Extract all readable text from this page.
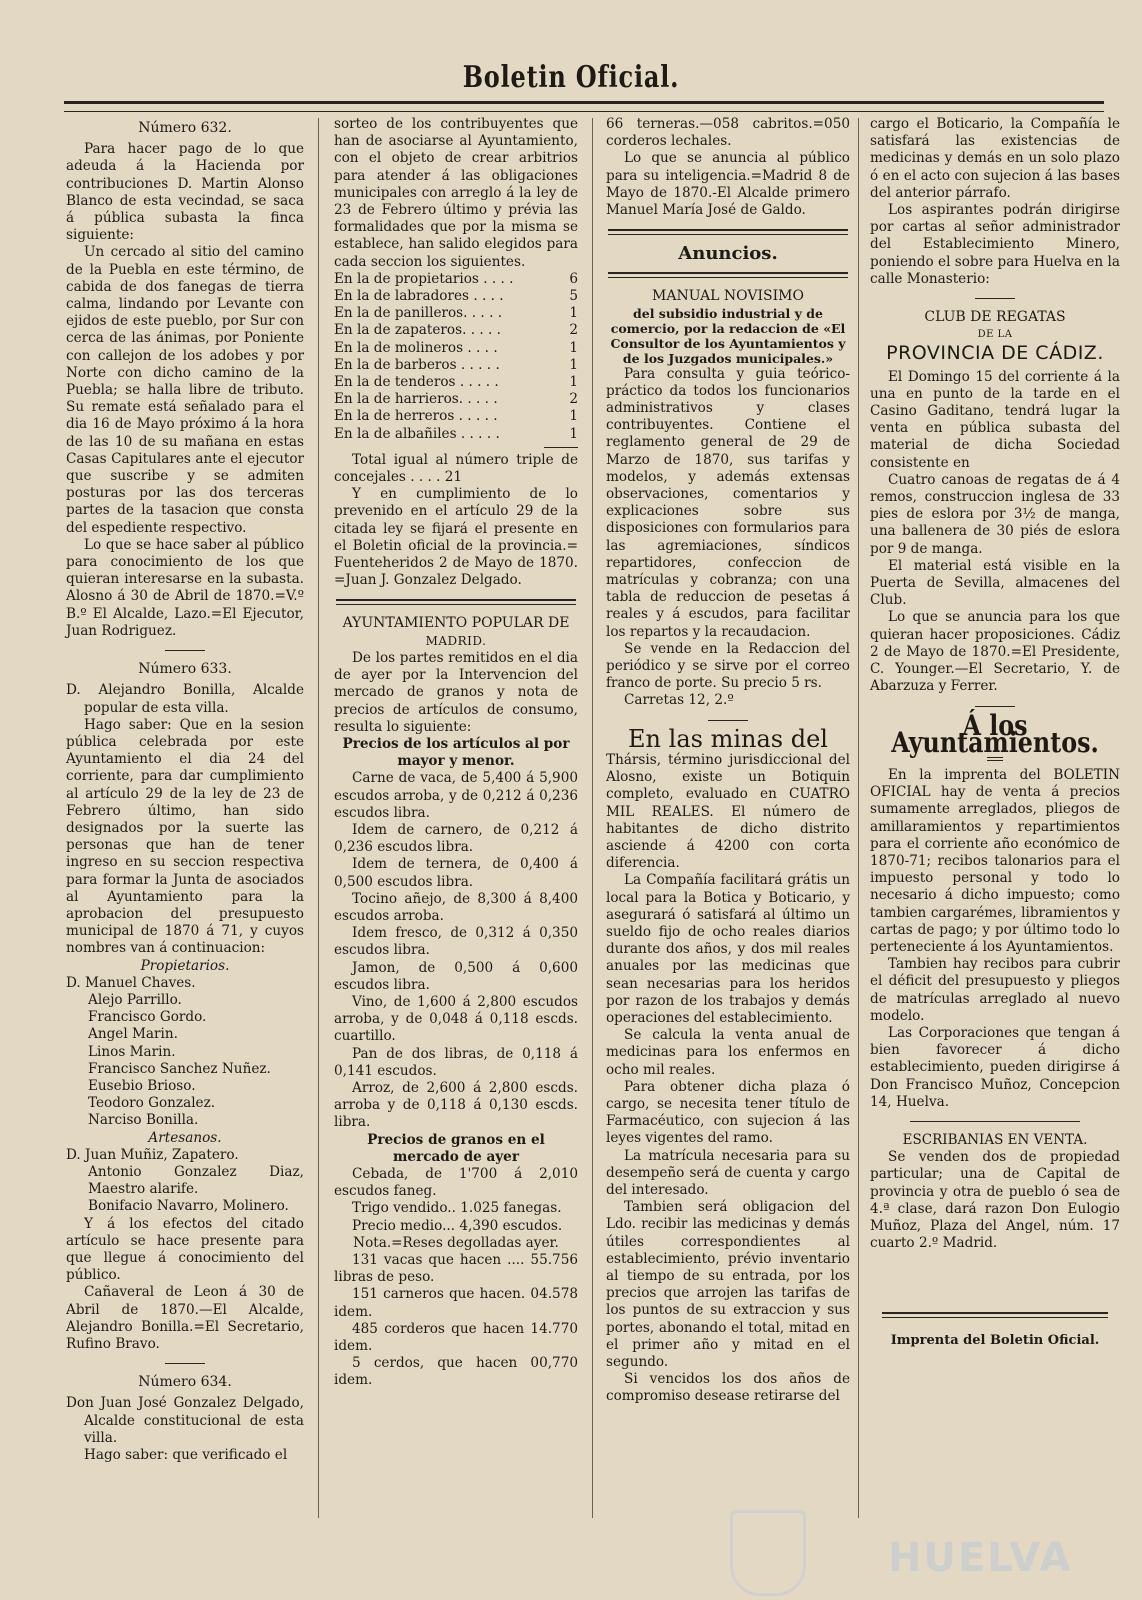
Boletin Oficial.

Número 632.

Para hacer pago de lo que adeuda á la Hacienda por contribuciones D. Martin Alonso Blanco de esta vecindad, se saca á pública subasta la finca siguiente:

Un cercado al sitio del camino de la Puebla en este término, de cabida de dos fanegas de tierra calma, lindando por Levante con ejidos de este pueblo, por Sur con cerca de las ánimas, por Poniente con callejon de los adobes y por Norte con dicho camino de la Puebla; se halla libre de tributo. Su remate está señalado para el dia 16 de Mayo próximo á la hora de las 10 de su mañana en estas Casas Capitulares ante el ejecutor que suscribe y se admiten posturas por las dos terceras partes de la tasacion que consta del espediente respectivo.

Lo que se hace saber al público para conocimiento de los que quieran interesarse en la subasta. Alosno á 30 de Abril de 1870.=V.º B.º El Alcalde, Lazo.=El Ejecutor, Juan Rodriguez.

Número 633.

D. Alejandro Bonilla, Alcalde popular de esta villa.

Hago saber: Que en la sesion pública celebrada por este Ayuntamiento el dia 24 del corriente, para dar cumplimiento al artículo 29 de la ley de 23 de Febrero último, han sido designados por la suerte las personas que han de tener ingreso en su seccion respectiva para formar la Junta de asociados al Ayuntamiento para la aprobacion del presupuesto municipal de 1870 á 71, y cuyos nombres van á continuacion:

Propietarios.

D. Manuel Chaves.

Alejo Parrillo.

Francisco Gordo.

Angel Marin.

Linos Marin.

Francisco Sanchez Nuñez.

Eusebio Brioso.

Teodoro Gonzalez.

Narciso Bonilla.

Artesanos.

D. Juan Muñiz, Zapatero.

Antonio Gonzalez Diaz, Maestro alarife.

Bonifacio Navarro, Molinero.

Y á los efectos del citado artículo se hace presente para que llegue á conocimiento del público.

Cañaveral de Leon á 30 de Abril de 1870.—El Alcalde, Alejandro Bonilla.=El Secretario, Rufino Bravo.

Número 634.

Don Juan José Gonzalez Delgado, Alcalde constitucional de esta villa.

Hago saber: que verificado el

sorteo de los contribuyentes que han de asociarse al Ayuntamiento, con el objeto de crear arbitrios para atender á las obligaciones municipales con arreglo á la ley de 23 de Febrero último y prévia las formalidades que por la misma se establece, han salido elegidos para cada seccion los siguientes.

En la de propietarios . . . .	6
En la de labradores . . . .	5
En la de panilleros. . . . .	1
En la de zapateros. . . . .	2
En la de molineros . . . .	1
En la de barberos . . . . .	1
En la de tenderos . . . . .	1
En la de harrieros. . . . .	2
En la de herreros . . . . .	1
En la de albañiles . . . . .	1

Total igual al número triple de concejales . . . . 21

Y en cumplimiento de lo prevenido en el artículo 29 de la citada ley se fijará el presente en el Boletin oficial de la provincia.= Fuenteheridos 2 de Mayo de 1870. =Juan J. Gonzalez Delgado.

AYUNTAMIENTO POPULAR DE

MADRID.

De los partes remitidos en el dia de ayer por la Intervencion del mercado de granos y nota de precios de artículos de consumo, resulta lo siguiente:

Precios de los artículos al por mayor y menor.

Carne de vaca, de 5,400 á 5,900 escudos arroba, y de 0,212 á 0,236 escudos libra.

Idem de carnero, de 0,212 á 0,236 escudos libra.

Idem de ternera, de 0,400 á 0,500 escudos libra.

Tocino añejo, de 8,300 á 8,400 escudos arroba.

Idem fresco, de 0,312 á 0,350 escudos libra.

Jamon, de 0,500 á 0,600 escudos libra.

Vino, de 1,600 á 2,800 escudos arroba, y de 0,048 á 0,118 escds. cuartillo.

Pan de dos libras, de 0,118 á 0,141 escudos.

Arroz, de 2,600 á 2,800 escds. arroba y de 0,118 á 0,130 escds. libra.

Precios de granos en el mercado de ayer

Cebada, de 1'700 á 2,010 escudos faneg.

Trigo vendido.. 1.025 fanegas.

Precio medio... 4,390 escudos.

Nota.=Reses degolladas ayer.

131 vacas que hacen .... 55.756 libras de peso.

151 carneros que hacen. 04.578 idem.

485 corderos que hacen 14.770 idem.

5 cerdos, que hacen 00,770 idem.

66 terneras.—058 cabritos.=050 corderos lechales.

Lo que se anuncia al público para su inteligencia.=Madrid 8 de Mayo de 1870.-El Alcalde primero Manuel María José de Galdo.

Anuncios.

MANUAL NOVISIMO

del subsidio industrial y de comercio, por la redaccion de «El Consultor de los Ayuntamientos y de los Juzgados municipales.»

Para consulta y guia teórico-práctico da todos los funcionarios administrativos y clases contribuyentes. Contiene el reglamento general de 29 de Marzo de 1870, sus tarifas y modelos, y además extensas observaciones, comentarios y explicaciones sobre sus disposiciones con formularios para las agremiaciones, síndicos repartidores, confeccion de matrículas y cobranza; con una tabla de reduccion de pesetas á reales y á escudos, para facilitar los repartos y la recaudacion.

Se vende en la Redaccion del periódico y se sirve por el correo franco de porte. Su precio 5 rs.

Carretas 12, 2.º

En las minas del

Thársis, término jurisdiccional del Alosno, existe un Botiquin completo, evaluado en CUATRO MIL REALES. El número de habitantes de dicho distrito asciende á 4200 con corta diferencia.

La Compañía facilitará grátis un local para la Botica y Boticario, y asegurará ó satisfará al último un sueldo fijo de ocho reales diarios durante dos años, y dos mil reales anuales por las medicinas que sean necesarias para los heridos por razon de los trabajos y demás operaciones del establecimiento.

Se calcula la venta anual de medicinas para los enfermos en ocho mil reales.

Para obtener dicha plaza ó cargo, se necesita tener título de Farmacéutico, con sujecion á las leyes vigentes del ramo.

La matrícula necesaria para su desempeño será de cuenta y cargo del interesado.

Tambien será obligacion del Ldo. recibir las medicinas y demás útiles correspondientes al establecimiento, prévio inventario al tiempo de su entrada, por los precios que arrojen las tarifas de los puntos de su extraccion y sus portes, abonando el total, mitad en el primer año y mitad en el segundo.

Si vencidos los dos años de compromiso desease retirarse del

cargo el Boticario, la Compañía le satisfará las existencias de medicinas y demás en un solo plazo ó en el acto con sujecion á las bases del anterior párrafo.

Los aspirantes podrán dirigirse por cartas al señor administrador del Establecimiento Minero, poniendo el sobre para Huelva en la calle Monasterio:

CLUB DE REGATAS

DE LA

PROVINCIA DE CÁDIZ.

El Domingo 15 del corriente á la una en punto de la tarde en el Casino Gaditano, tendrá lugar la venta en pública subasta del material de dicha Sociedad consistente en

Cuatro canoas de regatas de á 4 remos, construccion inglesa de 33 pies de eslora por 3½ de manga, una ballenera de 30 piés de eslora por 9 de manga.

El material está visible en la Puerta de Sevilla, almacenes del Club.

Lo que se anuncia para los que quieran hacer proposiciones. Cádiz 2 de Mayo de 1870.=El Presidente, C. Younger.—El Secretario, Y. de Abarzuza y Ferrer.

Á los Ayuntamientos.

En la imprenta del BOLETIN OFICIAL hay de venta á precios sumamente arreglados, pliegos de amillaramientos y repartimientos para el corriente año económico de 1870-71; recibos talonarios para el impuesto personal y todo lo necesario á dicho impuesto; como tambien cargarémes, libramientos y cartas de pago; y por último todo lo perteneciente á los Ayuntamientos.

Tambien hay recibos para cubrir el déficit del presupuesto y pliegos de matrículas arreglado al nuevo modelo.

Las Corporaciones que tengan á bien favorecer á dicho establecimiento, pueden dirigirse á Don Francisco Muñoz, Concepcion 14, Huelva.

ESCRIBANIAS EN VENTA.

Se venden dos de propiedad particular; una de Capital de provincia y otra de pueblo ó sea de 4.ª clase, dará razon Don Eulogio Muñoz, Plaza del Angel, núm. 17 cuarto 2.º Madrid.

Imprenta del Boletin Oficial.

HUELVA
